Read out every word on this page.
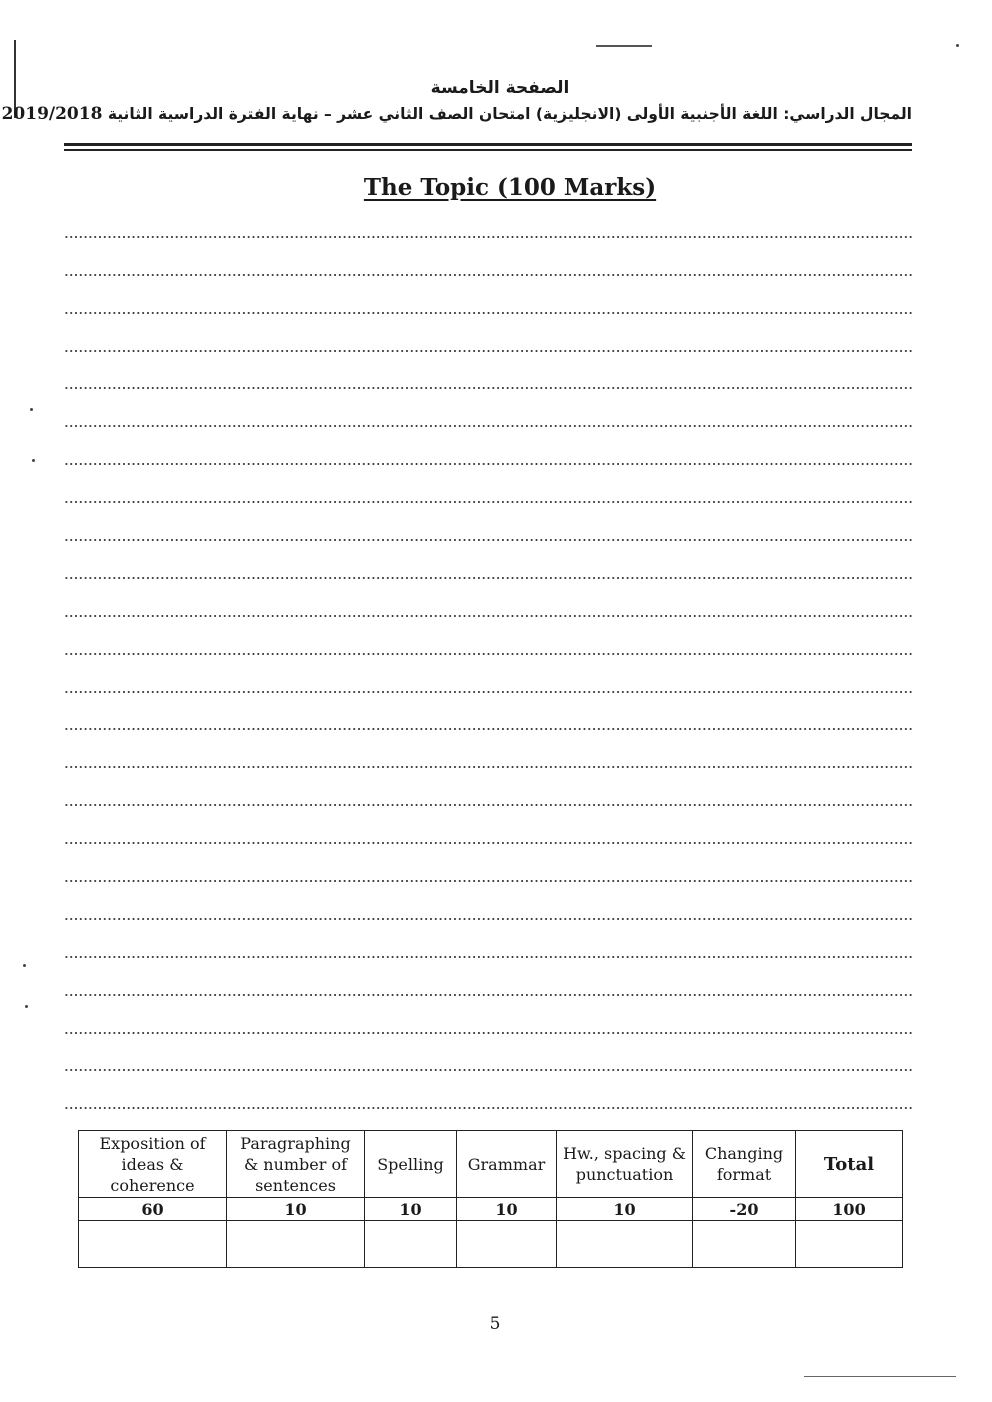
الصفحة الخامسة
المجال الدراسي: اللغة الأجنبية الأولى (الانجليزية) امتحان الصف الثاني عشر – نهاية الفترة الدراسية الثانية 2019/2018
The Topic (100 Marks)
Exposition of ideas & coherence	Paragraphing & number of sentences	Spelling	Grammar	Hw., spacing & punctuation	Changing format	Total
60	10	10	10	10	-20	100

5
